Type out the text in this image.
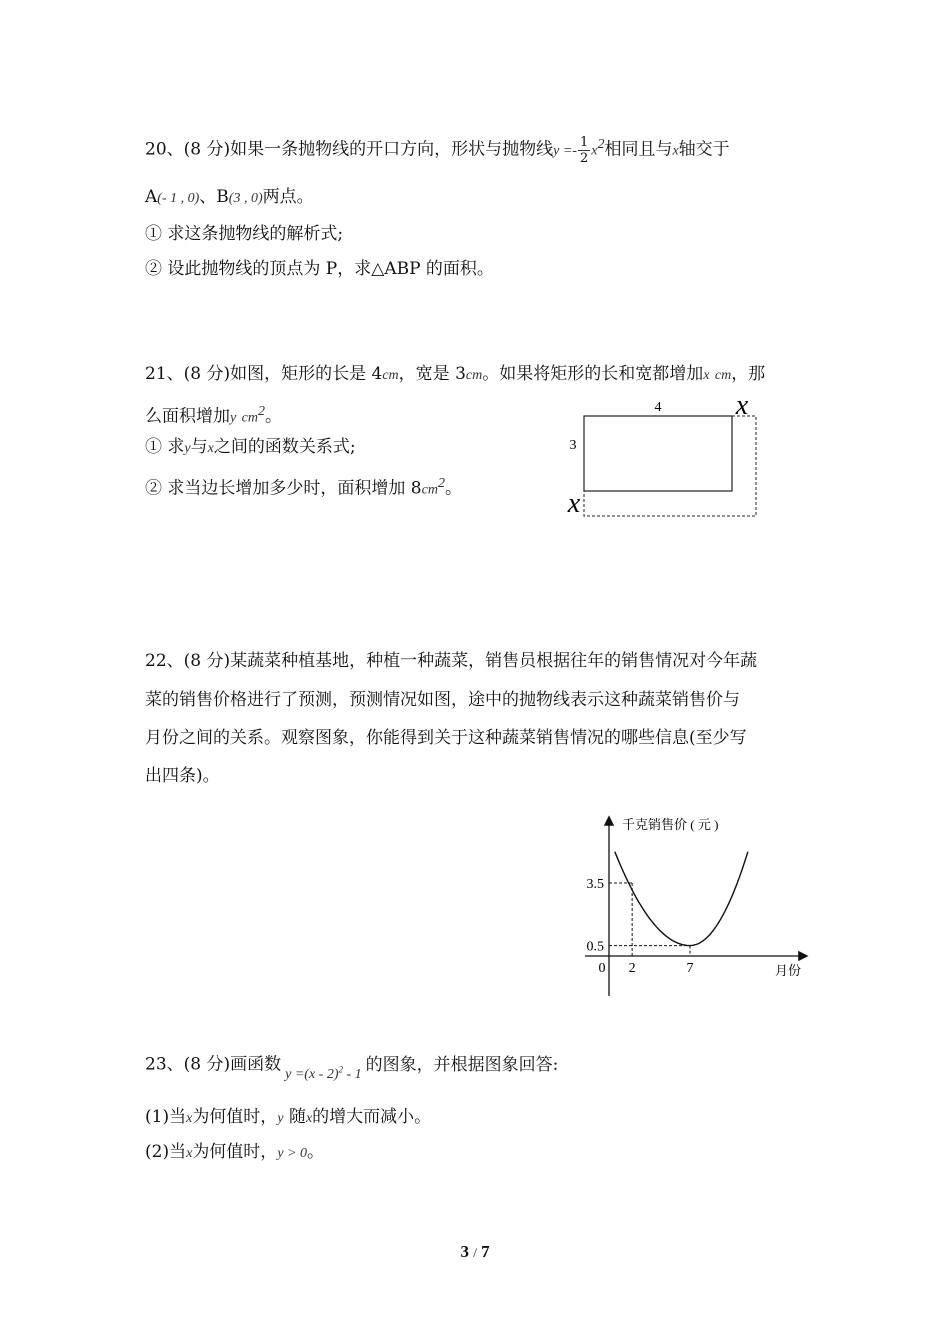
20、(8 分)如果一条抛物线的开口方向，形状与抛物线$y =- \frac{1}{2} x^2$相同且与x轴交于
A(- 1 , 0)、B(3 , 0)两点。
① 求这条抛物线的解析式;
② 设此抛物线的顶点为 P，求△ABP 的面积。
21、(8 分)如图，矩形的长是 4cm，宽是 3cm。如果将矩形的长和宽都增加x cm，那
么面积增加y $cm^2$。
① 求y与x之间的函数关系式;
② 求当边长增加多少时，面积增加 $8cm^2$。
4
3
x
x
22、(8 分)某蔬菜种植基地，种植一种蔬菜，销售员根据往年的销售情况对今年蔬
菜的销售价格进行了预测，预测情况如图，途中的抛物线表示这种蔬菜销售价与
月份之间的关系。观察图象，你能得到关于这种蔬菜销售情况的哪些信息(至少写
出四条)。
千克销售价 ( 元 )
月份
0 2	7
3.5
0.5
23、(8 分)画函数 $_{y =(x - 2)^2 - 1}$ 的图象，并根据图象回答:
(1)当x为何值时，y 随x的增大而减小。
(2)当x为何值时，y > 0。
3 / 7
